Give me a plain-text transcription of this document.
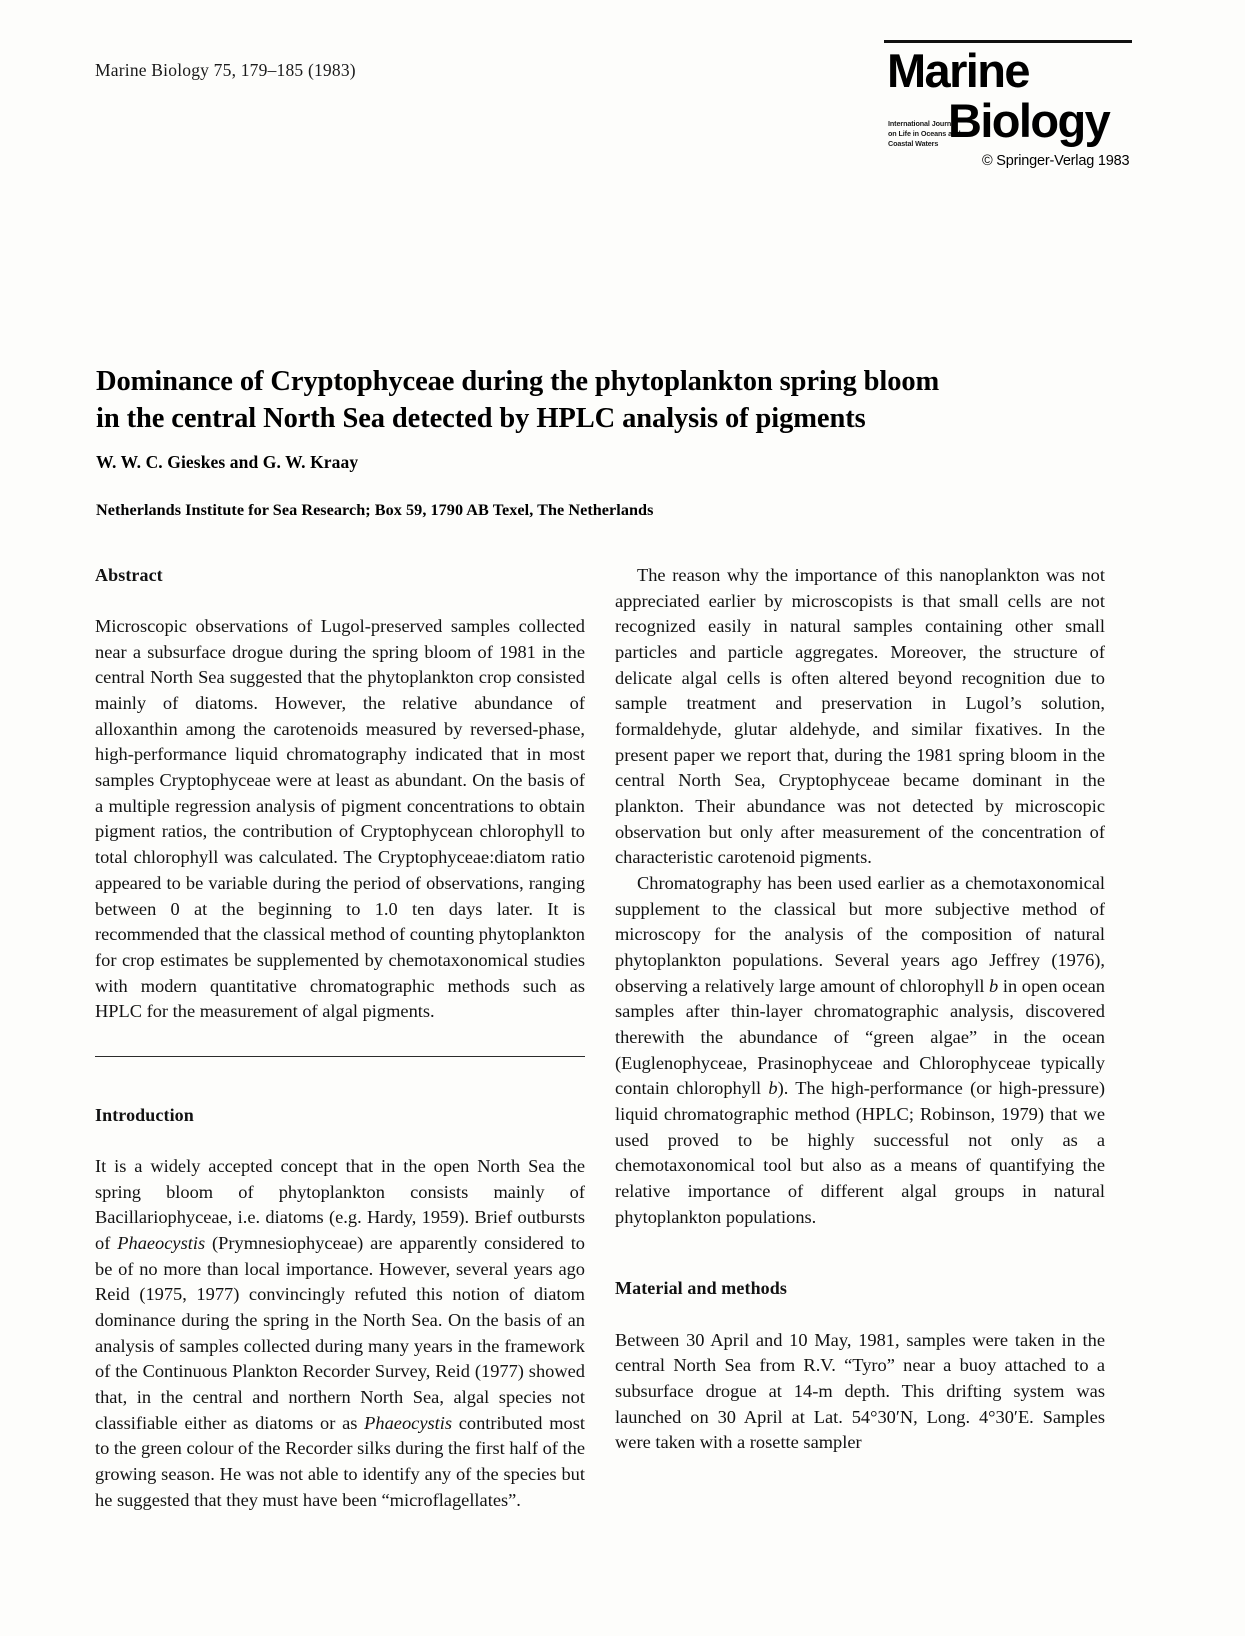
Marine Biology 75, 179–185 (1983)	Marine
International Journal on Life in Oceans and Coastal Waters Biology
© Springer-Verlag 1983
Dominance of Cryptophyceae during the phytoplankton spring bloom
in the central North Sea detected by HPLC analysis of pigments
W. W. C. Gieskes and G. W. Kraay
Netherlands Institute for Sea Research; Box 59, 1790 AB Texel, The Netherlands
Abstract

Microscopic observations of Lugol-preserved samples collected near a subsurface drogue during the spring bloom of 1981 in the central North Sea suggested that the phytoplankton crop consisted mainly of diatoms. However, the relative abundance of alloxanthin among the carotenoids measured by reversed-phase, high-performance liquid chromatography indicated that in most samples Cryptophyceae were at least as abundant. On the basis of a multiple regression analysis of pigment concentrations to obtain pigment ratios, the contribution of Cryptophycean chlorophyll to total chlorophyll was calculated. The Cryptophyceae:diatom ratio appeared to be variable during the period of observations, ranging between 0 at the beginning to 1.0 ten days later. It is recommended that the classical method of counting phytoplankton for crop estimates be supplemented by chemotaxonomical studies with modern quantitative chromatographic methods such as HPLC for the measurement of algal pigments.

Introduction

It is a widely accepted concept that in the open North Sea the spring bloom of phytoplankton consists mainly of Bacillariophyceae, i.e. diatoms (e.g. Hardy, 1959). Brief outbursts of Phaeocystis (Prymnesiophyceae) are apparently considered to be of no more than local importance. However, several years ago Reid (1975, 1977) convincingly refuted this notion of diatom dominance during the spring in the North Sea. On the basis of an analysis of samples collected during many years in the framework of the Continuous Plankton Recorder Survey, Reid (1977) showed that, in the central and northern North Sea, algal species not classifiable either as diatoms or as Phaeocystis contributed most to the green colour of the Recorder silks during the first half of the growing season. He was not able to identify any of the species but he suggested that they must have been “microflagellates”.

The reason why the importance of this nanoplankton was not appreciated earlier by microscopists is that small cells are not recognized easily in natural samples containing other small particles and particle aggregates. Moreover, the structure of delicate algal cells is often altered beyond recognition due to sample treatment and preservation in Lugol’s solution, formaldehyde, glutar aldehyde, and similar fixatives. In the present paper we report that, during the 1981 spring bloom in the central North Sea, Cryptophyceae became dominant in the plankton. Their abundance was not detected by microscopic observation but only after measurement of the concentration of characteristic carotenoid pigments.

Chromatography has been used earlier as a chemotaxonomical supplement to the classical but more subjective method of microscopy for the analysis of the composition of natural phytoplankton populations. Several years ago Jeffrey (1976), observing a relatively large amount of chlorophyll b in open ocean samples after thin-layer chromatographic analysis, discovered therewith the abundance of “green algae” in the ocean (Euglenophyceae, Prasinophyceae and Chlorophyceae typically contain chlorophyll b). The high-performance (or high-pressure) liquid chromatographic method (HPLC; Robinson, 1979) that we used proved to be highly successful not only as a chemotaxonomical tool but also as a means of quantifying the relative importance of different algal groups in natural phytoplankton populations.

Material and methods

Between 30 April and 10 May, 1981, samples were taken in the central North Sea from R.V. “Tyro” near a buoy attached to a subsurface drogue at 14-m depth. This drifting system was launched on 30 April at Lat. 54°30′N, Long. 4°30′E. Samples were taken with a rosette sampler
